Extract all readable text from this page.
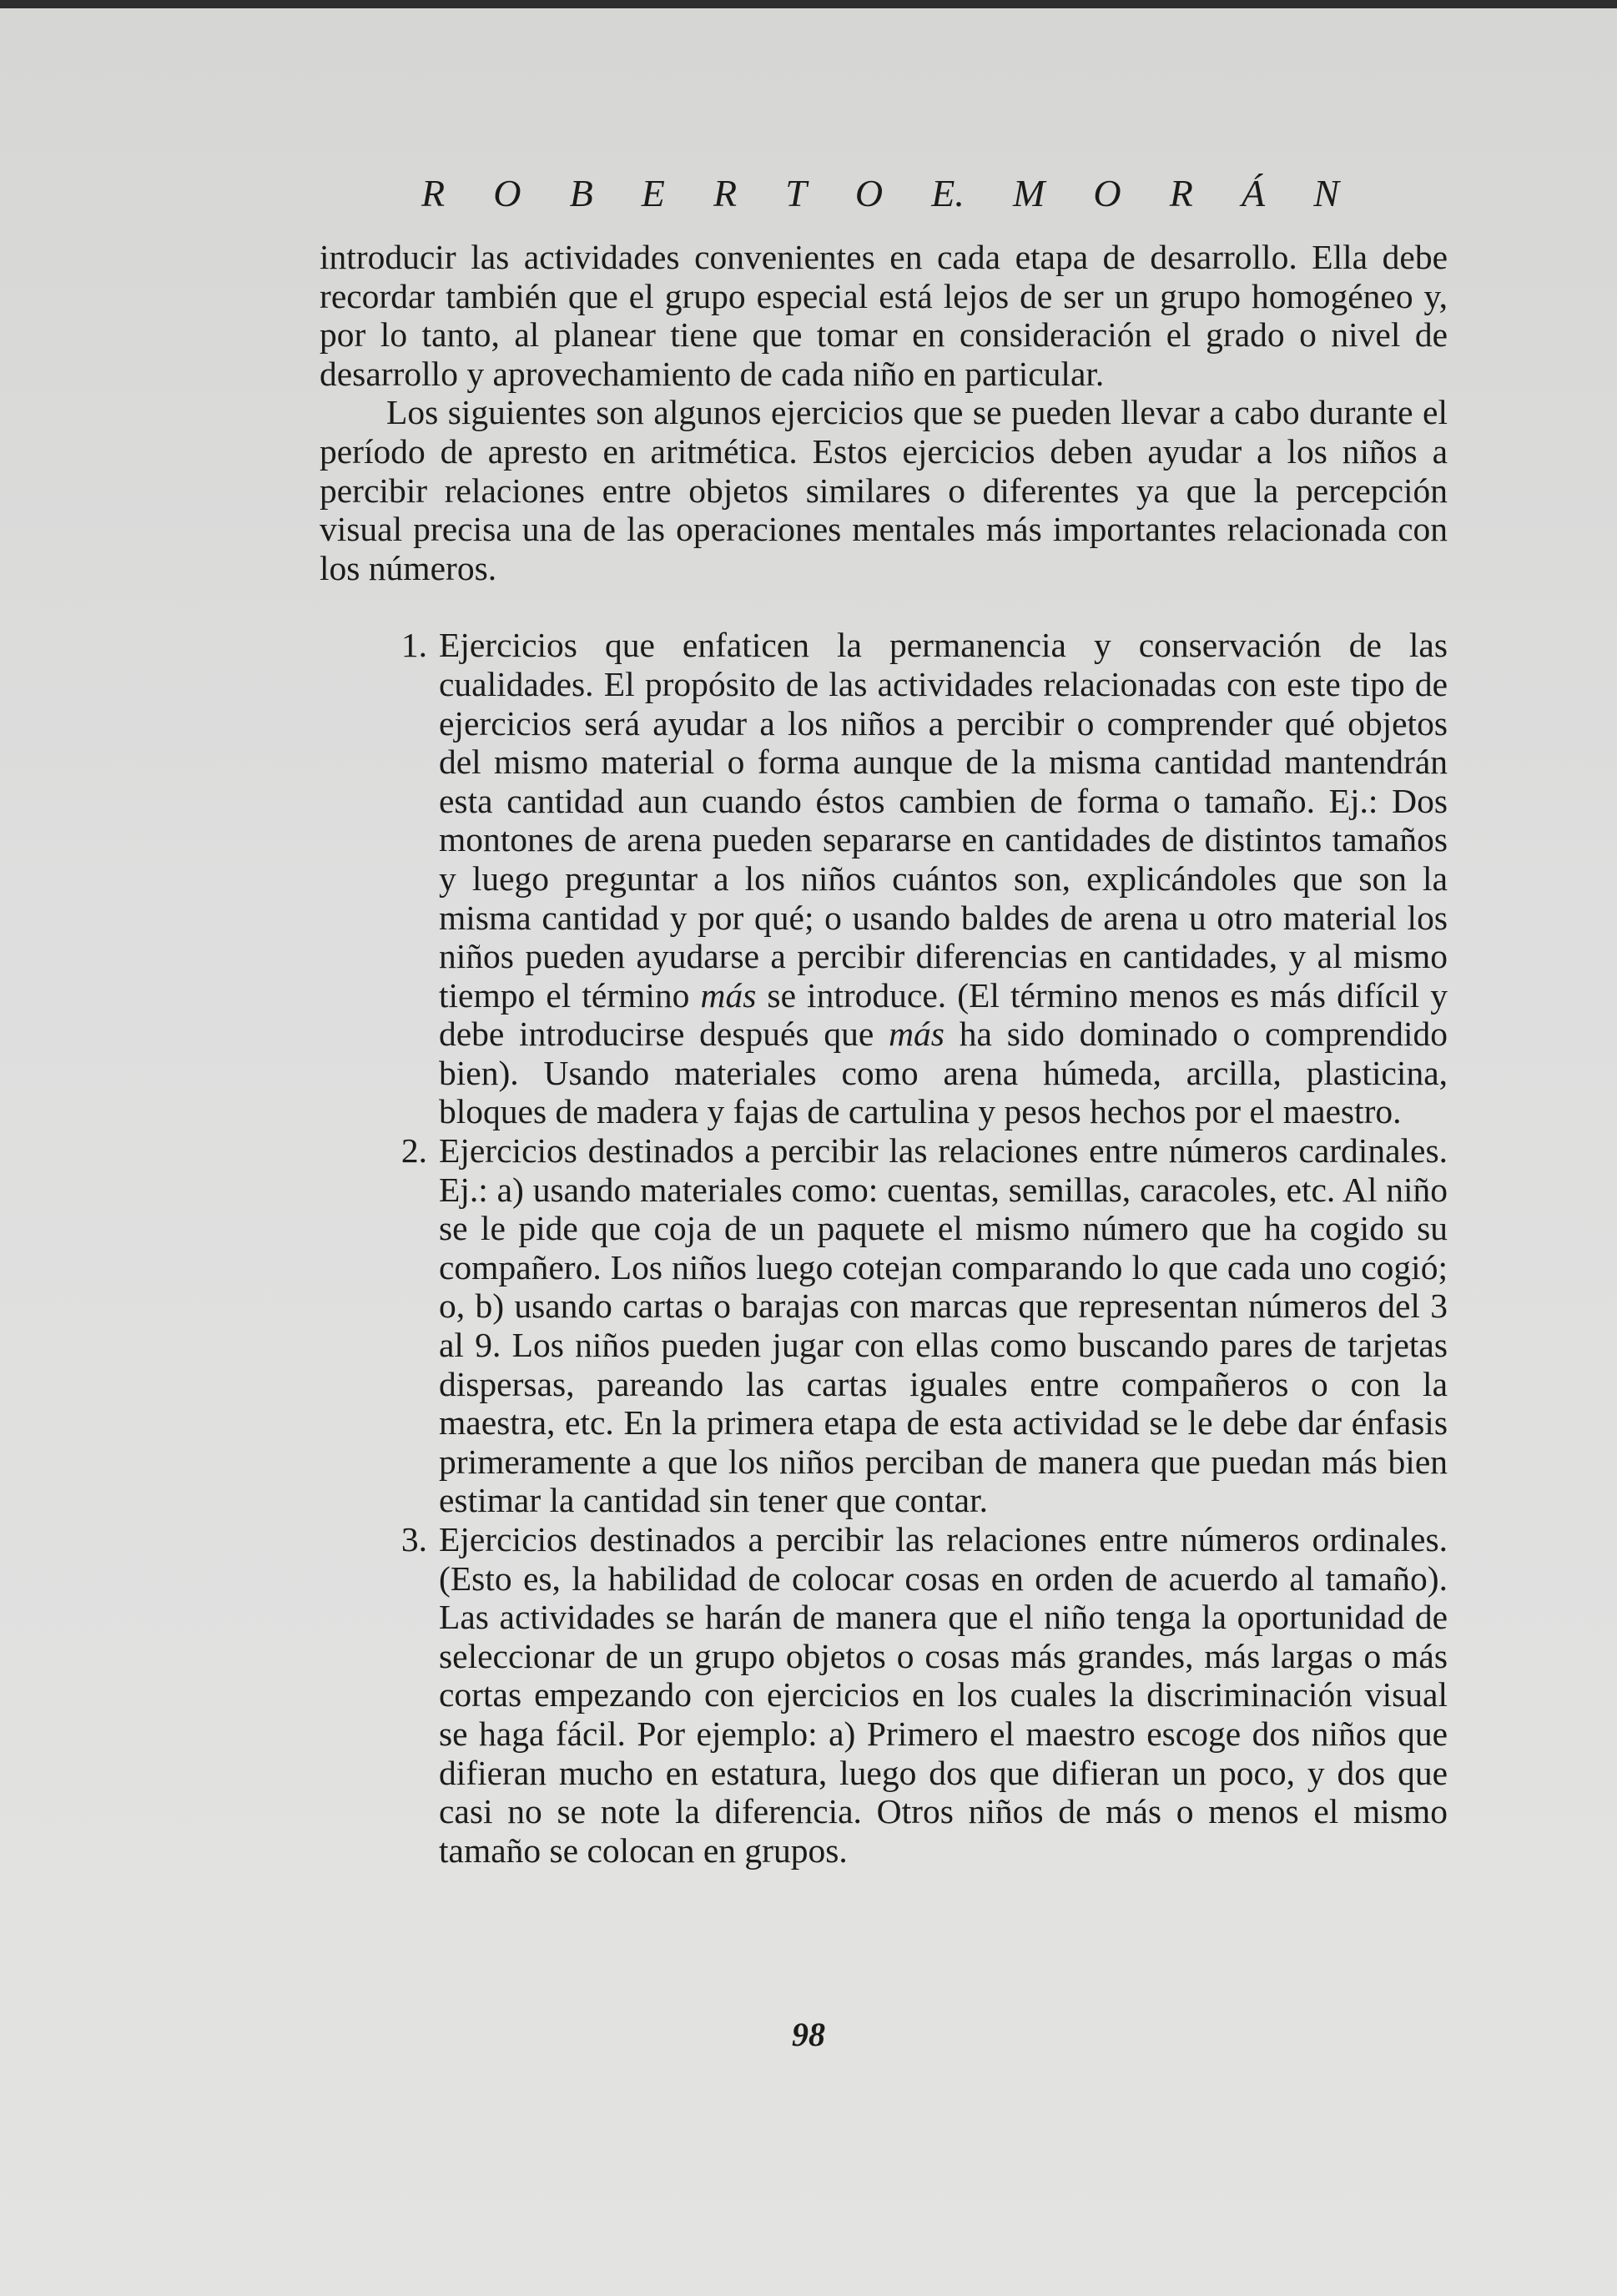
R O B E R T O E. M O R Á N

introducir las actividades convenientes en cada etapa de desarrollo. Ella debe recordar también que el grupo especial está lejos de ser un grupo homogéneo y, por lo tanto, al planear tiene que tomar en consideración el grado o nivel de desarrollo y aprovechamiento de cada niño en particular.

Los siguientes son algunos ejercicios que se pueden llevar a cabo durante el período de apresto en aritmética. Estos ejercicios deben ayudar a los niños a percibir relaciones entre objetos similares o diferentes ya que la percepción visual precisa una de las operaciones mentales más importantes relacionada con los números.

1. Ejercicios que enfaticen la permanencia y conservación de las cualidades. El propósito de las actividades relacionadas con este tipo de ejercicios será ayudar a los niños a percibir o comprender qué objetos del mismo material o forma aunque de la misma cantidad mantendrán esta cantidad aun cuando éstos cambien de forma o tamaño. Ej.: Dos montones de arena pueden separarse en cantidades de distintos tamaños y luego preguntar a los niños cuántos son, explicándoles que son la misma cantidad y por qué; o usando baldes de arena u otro material los niños pueden ayudarse a percibir diferencias en cantidades, y al mismo tiempo el término más se introduce. (El término menos es más difícil y debe introducirse después que más ha sido dominado o comprendido bien). Usando materiales como arena húmeda, arcilla, plasticina, bloques de madera y fajas de cartulina y pesos hechos por el maestro.
2. Ejercicios destinados a percibir las relaciones entre números cardinales. Ej.: a) usando materiales como: cuentas, semillas, caracoles, etc. Al niño se le pide que coja de un paquete el mismo número que ha cogido su compañero. Los niños luego cotejan comparando lo que cada uno cogió; o, b) usando cartas o barajas con marcas que representan números del 3 al 9. Los niños pueden jugar con ellas como buscando pares de tarjetas dispersas, pareando las cartas iguales entre compañeros o con la maestra, etc. En la primera etapa de esta actividad se le debe dar énfasis primeramente a que los niños perciban de manera que puedan más bien estimar la cantidad sin tener que contar.
3. Ejercicios destinados a percibir las relaciones entre números ordinales. (Esto es, la habilidad de colocar cosas en orden de acuerdo al tamaño). Las actividades se harán de manera que el niño tenga la oportunidad de seleccionar de un grupo objetos o cosas más grandes, más largas o más cortas empezando con ejercicios en los cuales la discriminación visual se haga fácil. Por ejemplo: a) Primero el maestro escoge dos niños que difieran mucho en estatura, luego dos que difieran un poco, y dos que casi no se note la diferencia. Otros niños de más o menos el mismo tamaño se colocan en grupos.
98
